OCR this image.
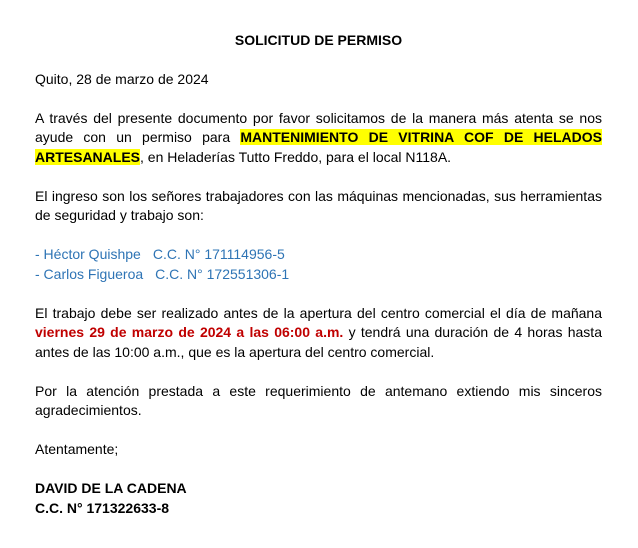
SOLICITUD DE PERMISO

Quito, 28 de marzo de 2024

A través del presente documento por favor solicitamos de la manera más atenta se nos ayude con un permiso para MANTENIMIENTO DE VITRINA COF DE HELADOS ARTESANALES, en Heladerías Tutto Freddo, para el local N118A.

El ingreso son los señores trabajadores con las máquinas mencionadas, sus herramientas de seguridad y trabajo son:

- Héctor Quishpe C.C. N° 171114956-5

- Carlos Figueroa C.C. N° 172551306-1

El trabajo debe ser realizado antes de la apertura del centro comercial el día de mañana viernes 29 de marzo de 2024 a las 06:00 a.m. y tendrá una duración de 4 horas hasta antes de las 10:00 a.m., que es la apertura del centro comercial.

Por la atención prestada a este requerimiento de antemano extiendo mis sinceros agradecimientos.

Atentamente;

DAVID DE LA CADENA

C.C. N° 171322633-8
